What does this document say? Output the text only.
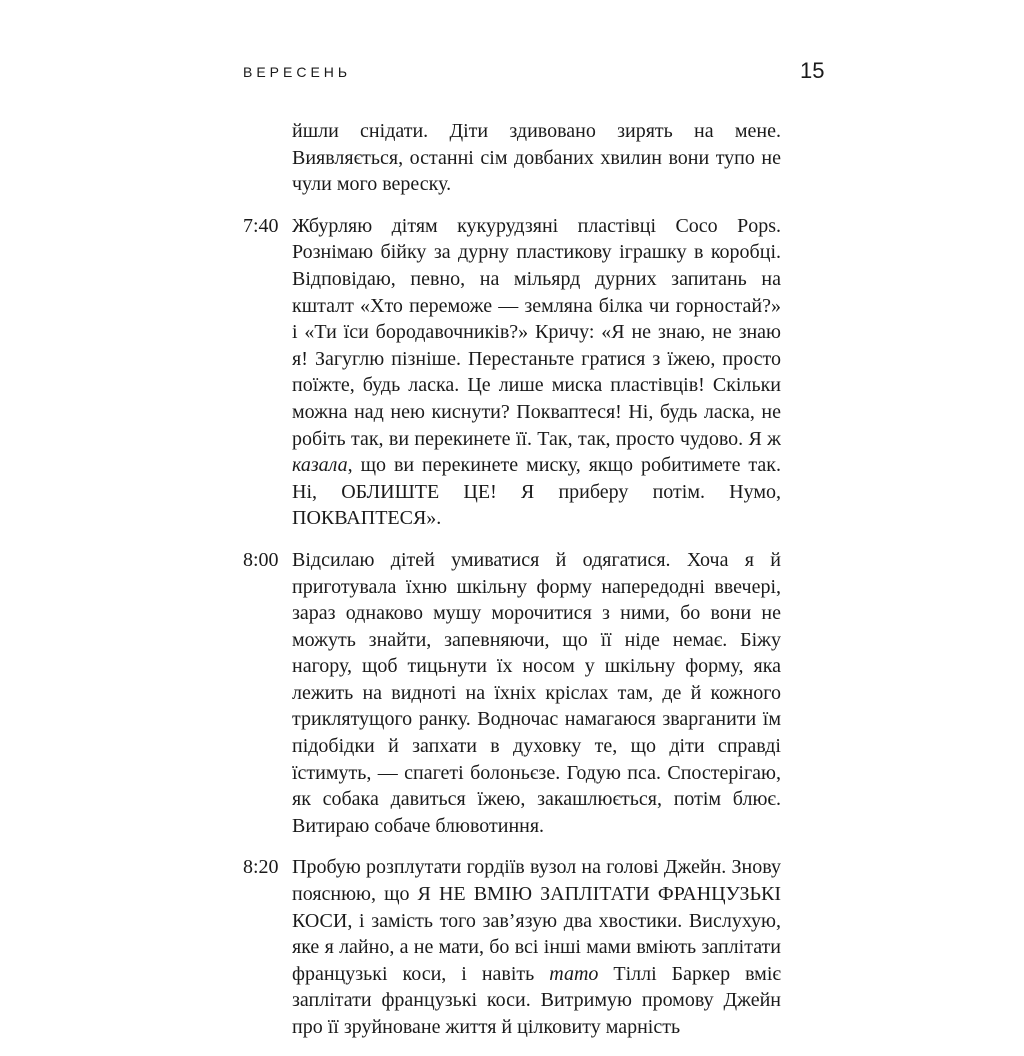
ВЕРЕСЕНЬ	15
йшли снідати. Діти здивовано зирять на мене. Виявляється, останні сім довбаних хвилин вони тупо не чули мого вереску.
7:40 Жбурляю дітям кукурудзяні пластівці Coco Pops. Рознімаю бійку за дурну пластикову іграшку в коробці. Відповідаю, певно, на мільярд дурних запитань на кшталт «Хто переможе — земляна білка чи горностай?» і «Ти їси бородавочників?» Кричу: «Я не знаю, не знаю я! Загуглю пізніше. Перестаньте гратися з їжею, просто поїжте, будь ласка. Це лише миска пластівців! Скільки можна над нею киснути? Покваптеся! Ні, будь ласка, не робіть так, ви перекинете її. Так, так, просто чудово. Я ж казала, що ви перекинете миску, якщо робитимете так. Ні, ОБЛИШТЕ ЦЕ! Я приберу потім. Нумо, ПОКВАПТЕСЯ».
8:00 Відсилаю дітей умиватися й одягатися. Хоча я й приготувала їхню шкільну форму напередодні ввечері, зараз однаково мушу морочитися з ними, бо вони не можуть знайти, запевняючи, що її ніде немає. Біжу нагору, щоб тицьнути їх носом у шкільну форму, яка лежить на видноті на їхніх кріслах там, де й кожного триклятущого ранку. Водночас намагаюся зварганити їм підобідки й запхати в духовку те, що діти справді їстимуть, — спагеті болоньєзе. Годую пса. Спостерігаю, як собака давиться їжею, закашлюється, потім блює. Витираю собаче блювотиння.
8:20 Пробую розплутати гордіїв вузол на голові Джейн. Знову пояснюю, що Я НЕ ВМІЮ ЗАПЛІТАТИ ФРАНЦУЗЬКІ КОСИ, і замість того зав’язую два хвостики. Вислухую, яке я лайно, а не мати, бо всі інші мами вміють заплітати французькі коси, і навіть тато Тіллі Баркер вміє заплітати французькі коси. Витримую промову Джейн про її зруйноване життя й цілковиту марність
